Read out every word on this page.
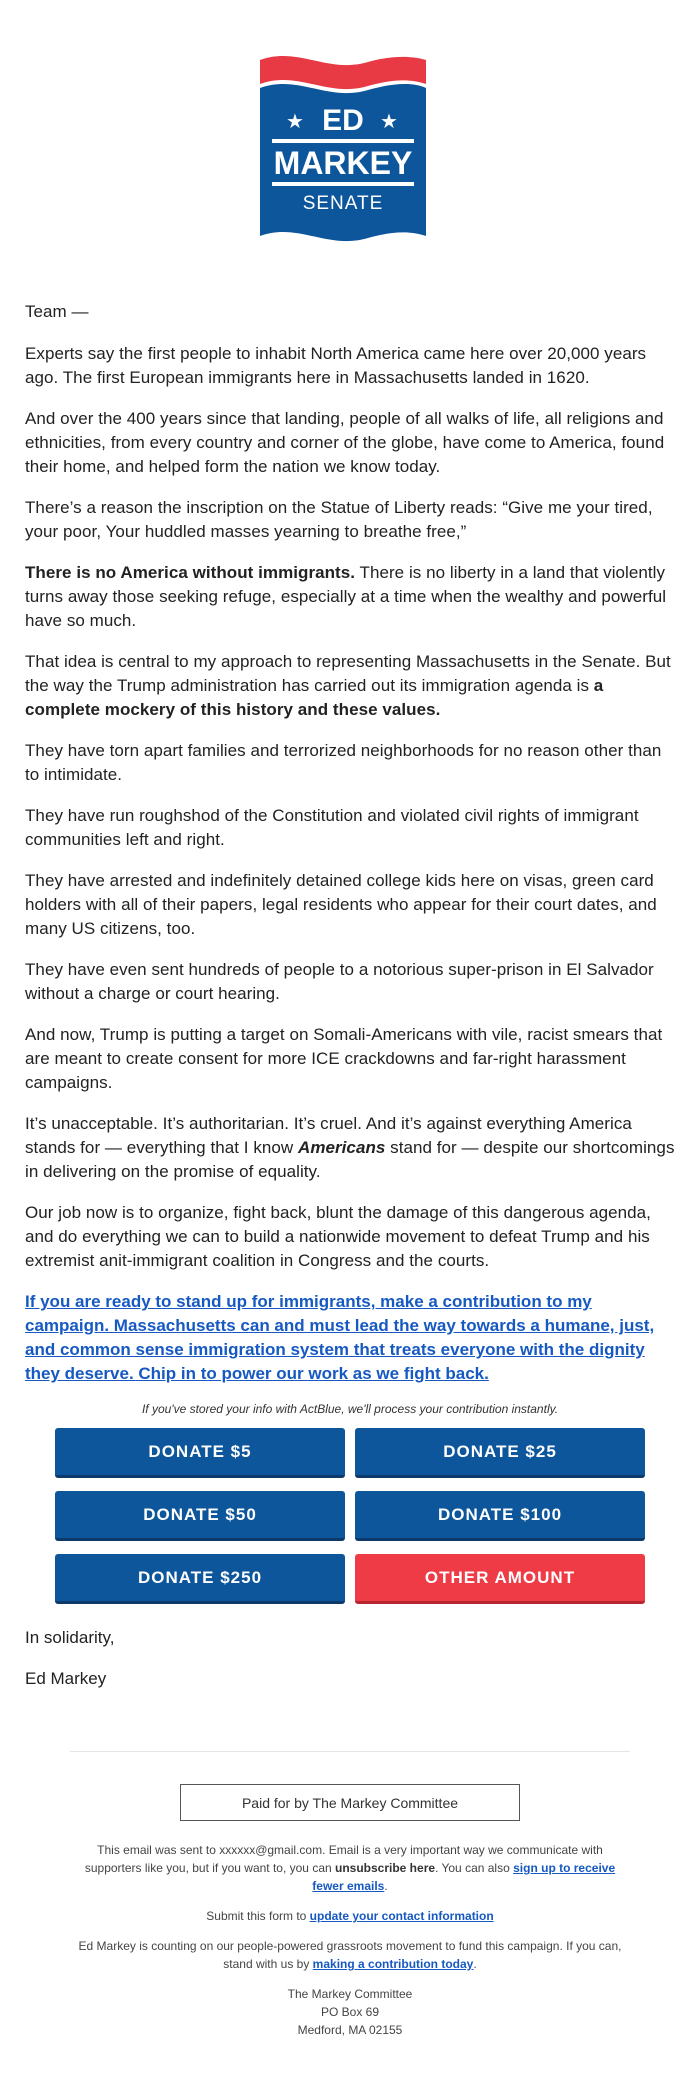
★ ED ★
MARKEY
SENATE

Team —

Experts say the first people to inhabit North America came here over 20,000 years ago. The first European immigrants here in Massachusetts landed in 1620.

And over the 400 years since that landing, people of all walks of life, all religions and ethnicities, from every country and corner of the globe, have come to America, found their home, and helped form the nation we know today.

There’s a reason the inscription on the Statue of Liberty reads: “Give me your tired, your poor, Your huddled masses yearning to breathe free,”

There is no America without immigrants. There is no liberty in a land that violently turns away those seeking refuge, especially at a time when the wealthy and powerful have so much.

That idea is central to my approach to representing Massachusetts in the Senate. But the way the Trump administration has carried out its immigration agenda is a complete mockery of this history and these values.

They have torn apart families and terrorized neighborhoods for no reason other than to intimidate.

They have run roughshod of the Constitution and violated civil rights of immigrant communities left and right.

They have arrested and indefinitely detained college kids here on visas, green card holders with all of their papers, legal residents who appear for their court dates, and many US citizens, too.

They have even sent hundreds of people to a notorious super-prison in El Salvador without a charge or court hearing.

And now, Trump is putting a target on Somali-Americans with vile, racist smears that are meant to create consent for more ICE crackdowns and far-right harassment campaigns.

It’s unacceptable. It’s authoritarian. It’s cruel. And it’s against everything America stands for — everything that I know Americans stand for — despite our shortcomings in delivering on the promise of equality.

Our job now is to organize, fight back, blunt the damage of this dangerous agenda, and do everything we can to build a nationwide movement to defeat Trump and his extremist anit-immigrant coalition in Congress and the courts.

If you are ready to stand up for immigrants, make a contribution to my campaign. Massachusetts can and must lead the way towards a humane, just, and common sense immigration system that treats everyone with the dignity they deserve. Chip in to power our work as we fight back.
If you've stored your info with ActBlue, we'll process your contribution instantly.
DONATE $5	DONATE $25
DONATE $50	DONATE $100
DONATE $250	OTHER AMOUNT

In solidarity,

Ed Markey

Paid for by The Markey Committee

This email was sent to xxxxxx@gmail.com. Email is a very important way we communicate with supporters like you, but if you want to, you can unsubscribe here. You can also sign up to receive fewer emails.

Submit this form to update your contact information

Ed Markey is counting on our people-powered grassroots movement to fund this campaign. If you can, stand with us by making a contribution today.

The Markey Committee
PO Box 69
Medford, MA 02155
